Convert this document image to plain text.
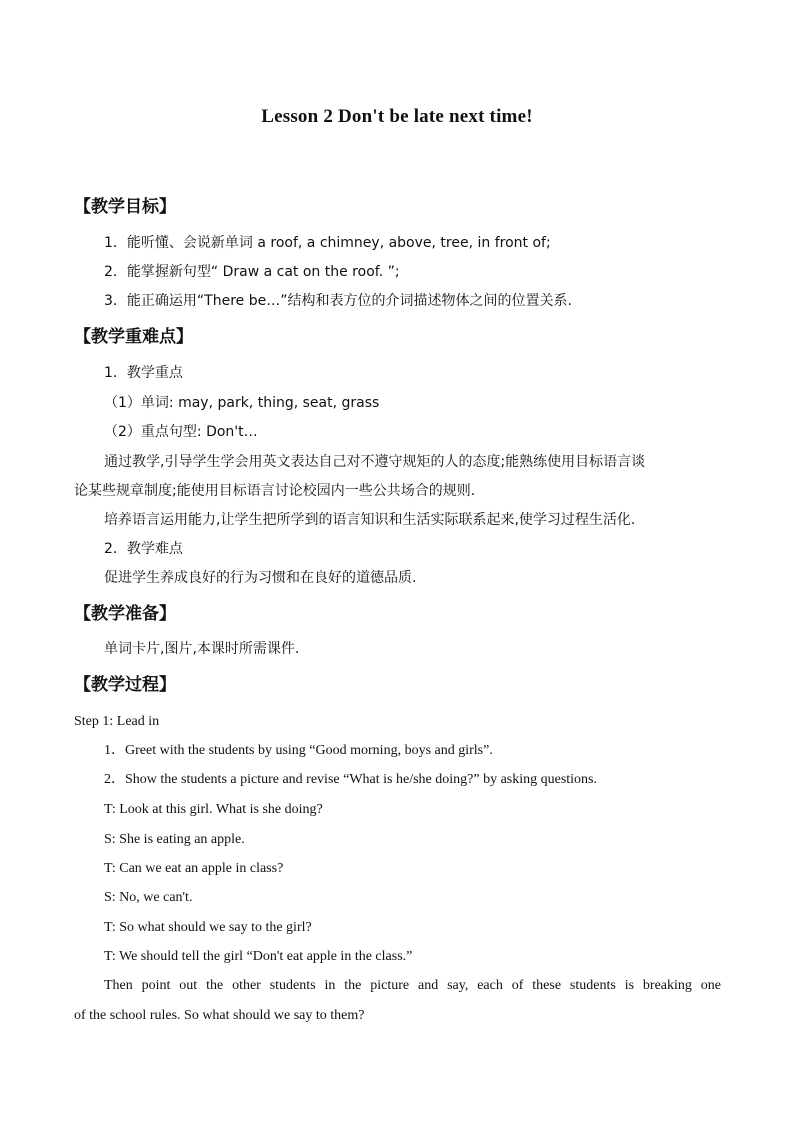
Lesson 2 Don't be late next time!
【教学目标】
1．能听懂、会说新单词 a roof, a chimney, above, tree, in front of;
2．能掌握新句型“ Draw a cat on the roof. ”;
3．能正确运用“There be…”结构和表方位的介词描述物体之间的位置关系.
【教学重难点】
1．教学重点
（1）单词: may, park, thing, seat, grass
（2）重点句型: Don't…
通过教学,引导学生学会用英文表达自己对不遵守规矩的人的态度;能熟练使用目标语言谈
论某些规章制度;能使用目标语言讨论校园内一些公共场合的规则.
培养语言运用能力,让学生把所学到的语言知识和生活实际联系起来,使学习过程生活化.
2．教学难点
促进学生养成良好的行为习惯和在良好的道德品质.
【教学准备】
单词卡片,图片,本课时所需课件.
【教学过程】
Step 1: Lead in
1．Greet with the students by using “Good morning, boys and girls”.
2．Show the students a picture and revise “What is he/she doing?” by asking questions.
T: Look at this girl. What is she doing?
S: She is eating an apple.
T: Can we eat an apple in class?
S: No, we can't.
T: So what should we say to the girl?
T: We should tell the girl “Don't eat apple in the class.”
Then point out the other students in the picture and say, each of these students is breaking one
of the school rules. So what should we say to them?
